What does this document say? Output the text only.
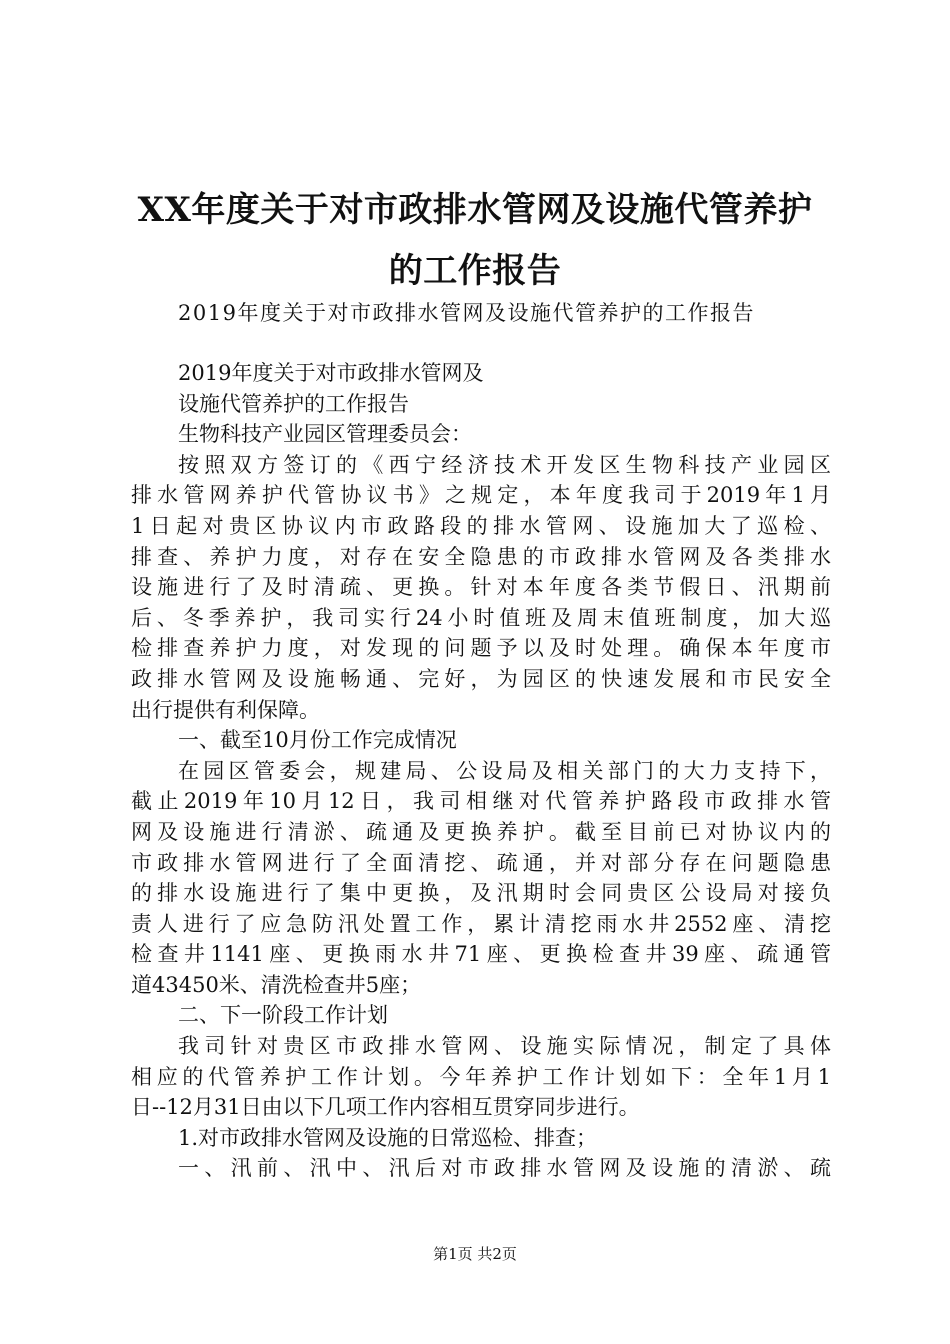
XX年度关于对市政排水管网及设施代管养护
的工作报告
2019年度关于对市政排水管网及设施代管养护的工作报告
2019年度关于对市政排水管网及
设施代管养护的工作报告
生物科技产业园区管理委员会：
按照双方签订的《西宁经济技术开发区生物科技产业园区
排水管网养护代管协议书》之规定，本年度我司于2019年1月
1日起对贵区协议内市政路段的排水管网、设施加大了巡检、
排查、养护力度，对存在安全隐患的市政排水管网及各类排水
设施进行了及时清疏、更换。针对本年度各类节假日、汛期前
后、冬季养护，我司实行24小时值班及周末值班制度，加大巡
检排查养护力度，对发现的问题予以及时处理。确保本年度市
政排水管网及设施畅通、完好，为园区的快速发展和市民安全
出行提供有利保障。
一、截至10月份工作完成情况
在园区管委会，规建局、公设局及相关部门的大力支持下，
截止2019年10月12日，我司相继对代管养护路段市政排水管
网及设施进行清淤、疏通及更换养护。截至目前已对协议内的
市政排水管网进行了全面清挖、疏通，并对部分存在问题隐患
的排水设施进行了集中更换，及汛期时会同贵区公设局对接负
责人进行了应急防汛处置工作，累计清挖雨水井2552座、清挖
检查井1141座、更换雨水井71座、更换检查井39座、疏通管
道43450米、清洗检查井5座；
二、下一阶段工作计划
我司针对贵区市政排水管网、设施实际情况，制定了具体
相应的代管养护工作计划。今年养护工作计划如下：全年1月1
日--12月31日由以下几项工作内容相互贯穿同步进行。
1.对市政排水管网及设施的日常巡检、排查；
一、汛前、汛中、汛后对市政排水管网及设施的清淤、疏
第1页 共2页
